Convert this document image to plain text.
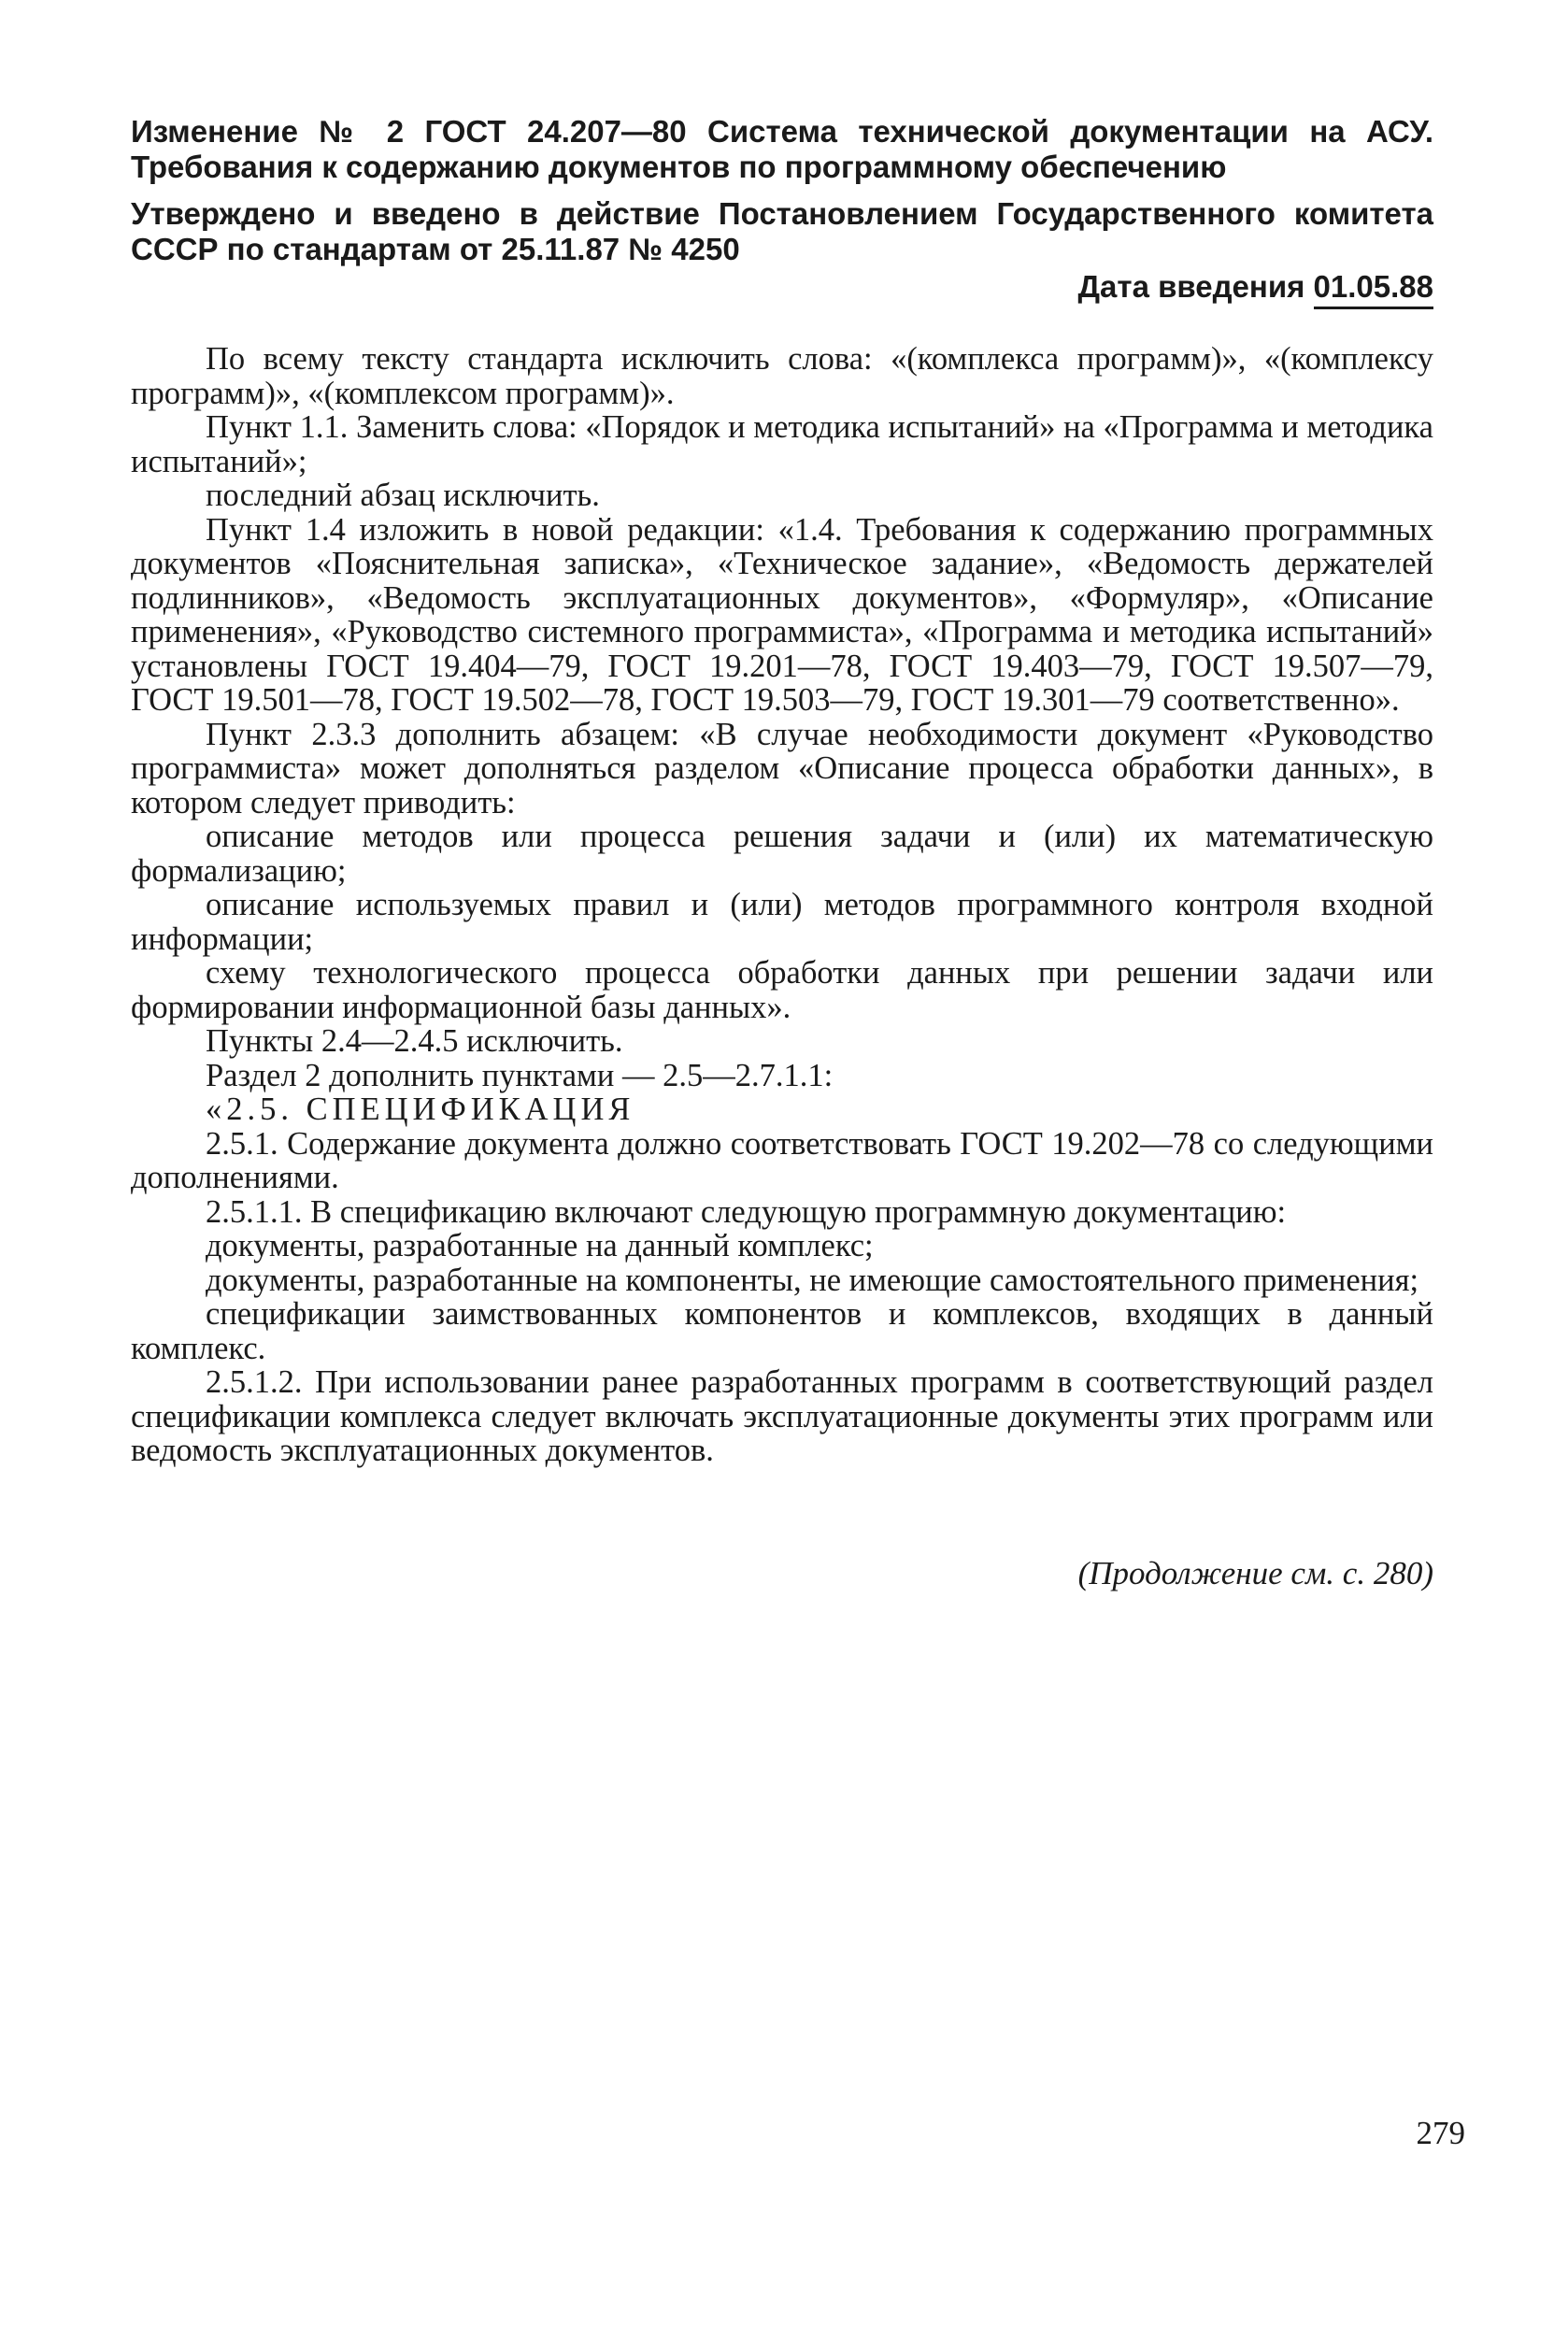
Изменение № 2 ГОСТ 24.207—80 Система технической документации на АСУ. Требования к содержанию документов по программному обеспечению

Утверждено и введено в действие Постановлением Государственного комитета СССР по стандартам от 25.11.87 № 4250

Дата введения 01.05.88

По всему тексту стандарта исключить слова: «(комплекса программ)», «(комплексу программ)», «(комплексом программ)».

Пункт 1.1. Заменить слова: «Порядок и методика испытаний» на «Программа и методика испытаний»;

последний абзац исключить.

Пункт 1.4 изложить в новой редакции: «1.4. Требования к содержанию программных документов «Пояснительная записка», «Техническое задание», «Ведомость держателей подлинников», «Ведомость эксплуатационных документов», «Формуляр», «Описание применения», «Руководство системного программиста», «Программа и методика испытаний» установлены ГОСТ 19.404—79, ГОСТ 19.201—78, ГОСТ 19.403—79, ГОСТ 19.507—79, ГОСТ 19.501—78, ГОСТ 19.502—78, ГОСТ 19.503—79, ГОСТ 19.301—79 соответственно».

Пункт 2.3.3 дополнить абзацем: «В случае необходимости документ «Руководство программиста» может дополняться разделом «Описание процесса обработки данных», в котором следует приводить:

описание методов или процесса решения задачи и (или) их математическую формализацию;

описание используемых правил и (или) методов программного контроля входной информации;

схему технологического процесса обработки данных при решении задачи или формировании информационной базы данных».

Пункты 2.4—2.4.5 исключить.

Раздел 2 дополнить пунктами — 2.5—2.7.1.1:

«2.5. СПЕЦИФИКАЦИЯ

2.5.1. Содержание документа должно соответствовать ГОСТ 19.202—78 со следующими дополнениями.

2.5.1.1. В спецификацию включают следующую программную документацию:

документы, разработанные на данный комплекс;

документы, разработанные на компоненты, не имеющие самостоятельного применения;

спецификации заимствованных компонентов и комплексов, входящих в данный комплекс.

2.5.1.2. При использовании ранее разработанных программ в соответствующий раздел спецификации комплекса следует включать эксплуатационные документы этих программ или ведомость эксплуатационных документов.

(Продолжение см. с. 280)
279
